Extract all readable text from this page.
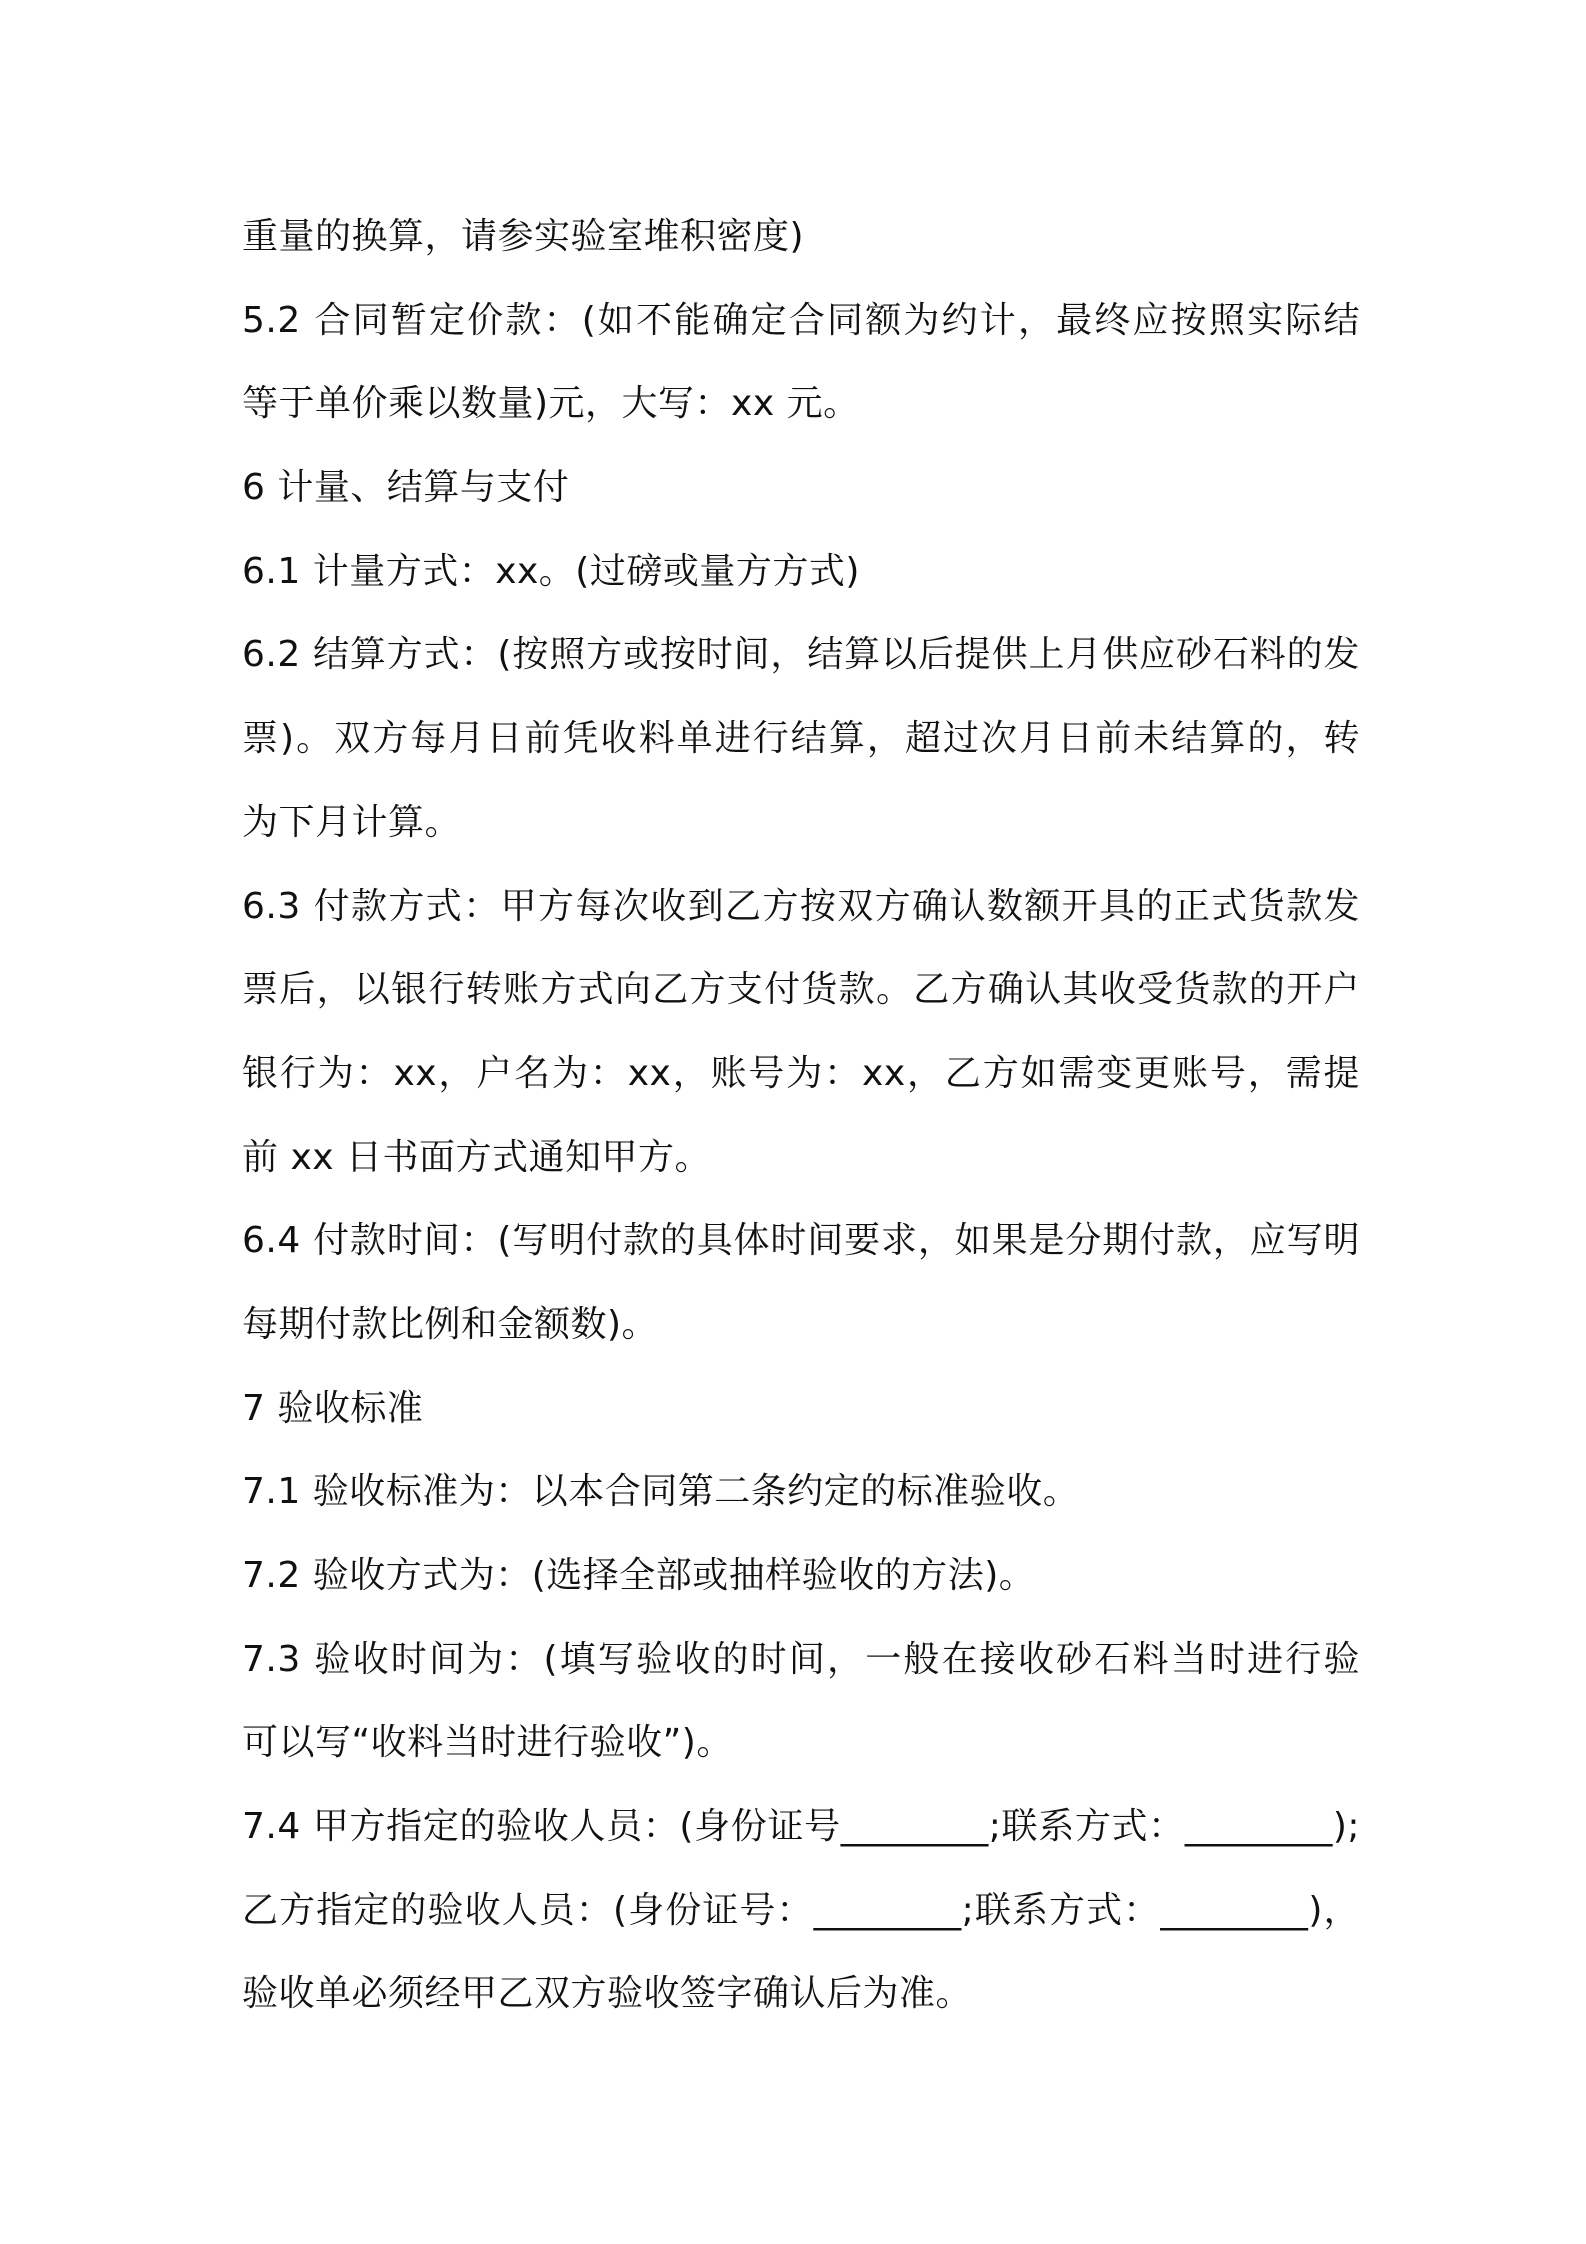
重量的换算，请参实验室堆积密度)
5.2 合同暂定价款：(如不能确定合同额为约计，最终应按照实际结
等于单价乘以数量)元，大写：xx 元。
6 计量、结算与支付
6.1 计量方式：xx。(过磅或量方方式)
6.2 结算方式：(按照方或按时间，结算以后提供上月供应砂石料的发
票)。双方每月日前凭收料单进行结算，超过次月日前未结算的，转
为下月计算。
6.3 付款方式：甲方每次收到乙方按双方确认数额开具的正式货款发
票后，以银行转账方式向乙方支付货款。乙方确认其收受货款的开户
银行为：xx，户名为：xx，账号为：xx，乙方如需变更账号，需提
前 xx 日书面方式通知甲方。
6.4 付款时间：(写明付款的具体时间要求，如果是分期付款，应写明
每期付款比例和金额数)。
7 验收标准
7.1 验收标准为：以本合同第二条约定的标准验收。
7.2 验收方式为：(选择全部或抽样验收的方法)。
7.3 验收时间为：(填写验收的时间，一般在接收砂石料当时进行验
可以写“收料当时进行验收”)。
7.4 甲方指定的验收人员：(身份证号________;联系方式：________);
乙方指定的验收人员：(身份证号：________;联系方式：________)，
验收单必须经甲乙双方验收签字确认后为准。
